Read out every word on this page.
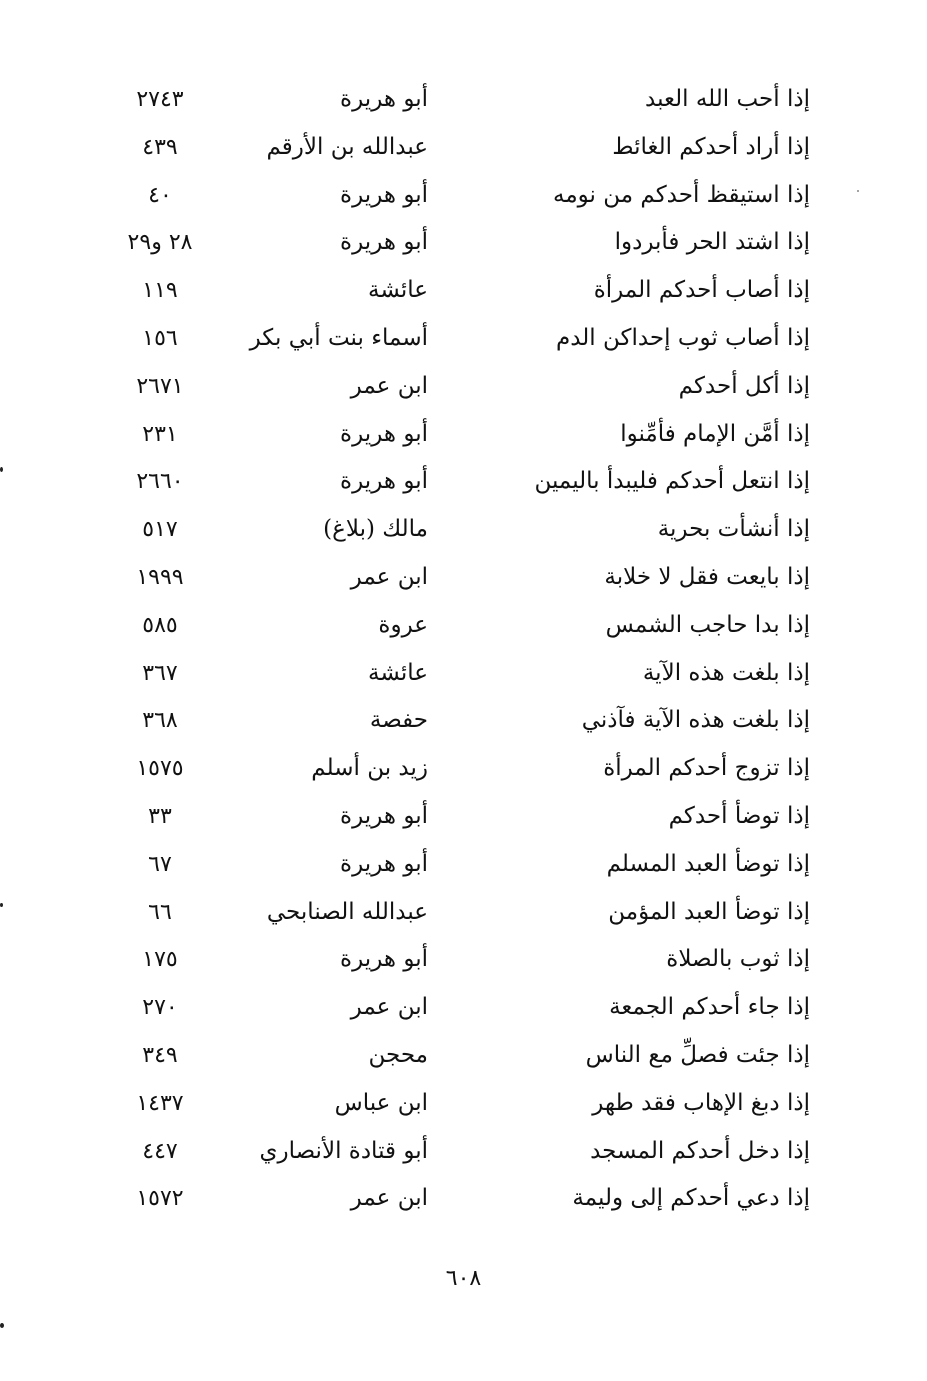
إذا أحب الله العبد
أبو هريرة
٢٧٤٣
إذا أراد أحدكم الغائط
عبدالله بن الأرقم
٤٣٩
إذا استيقظ أحدكم من نومه
أبو هريرة
٤٠
إذا اشتد الحر فأبردوا
أبو هريرة
٢٨ و٢٩
إذا أصاب أحدكم المرأة
عائشة
١١٩
إذا أصاب ثوب إحداكن الدم
أسماء بنت أبي بكر
١٥٦
إذا أكل أحدكم
ابن عمر
٢٦٧١
إذا أمَّن الإمام فأمِّنوا
أبو هريرة
٢٣١
إذا انتعل أحدكم فليبدأ باليمين
أبو هريرة
٢٦٦٠
إذا أنشأت بحرية
مالك (بلاغ)
٥١٧
إذا بايعت فقل لا خلابة
ابن عمر
١٩٩٩
إذا بدا حاجب الشمس
عروة
٥٨٥
إذا بلغت هذه الآية
عائشة
٣٦٧
إذا بلغت هذه الآية فآذني
حفصة
٣٦٨
إذا تزوج أحدكم المرأة
زيد بن أسلم
١٥٧٥
إذا توضأ أحدكم
أبو هريرة
٣٣
إذا توضأ العبد المسلم
أبو هريرة
٦٧
إذا توضأ العبد المؤمن
عبدالله الصنابحي
٦٦
إذا ثوب بالصلاة
أبو هريرة
١٧٥
إذا جاء أحدكم الجمعة
ابن عمر
٢٧٠
إذا جئت فصلِّ مع الناس
محجن
٣٤٩
إذا دبغ الإهاب فقد طهر
ابن عباس
١٤٣٧
إذا دخل أحدكم المسجد
أبو قتادة الأنصاري
٤٤٧
إذا دعي أحدكم إلى وليمة
ابن عمر
١٥٧٢
٦٠٨
